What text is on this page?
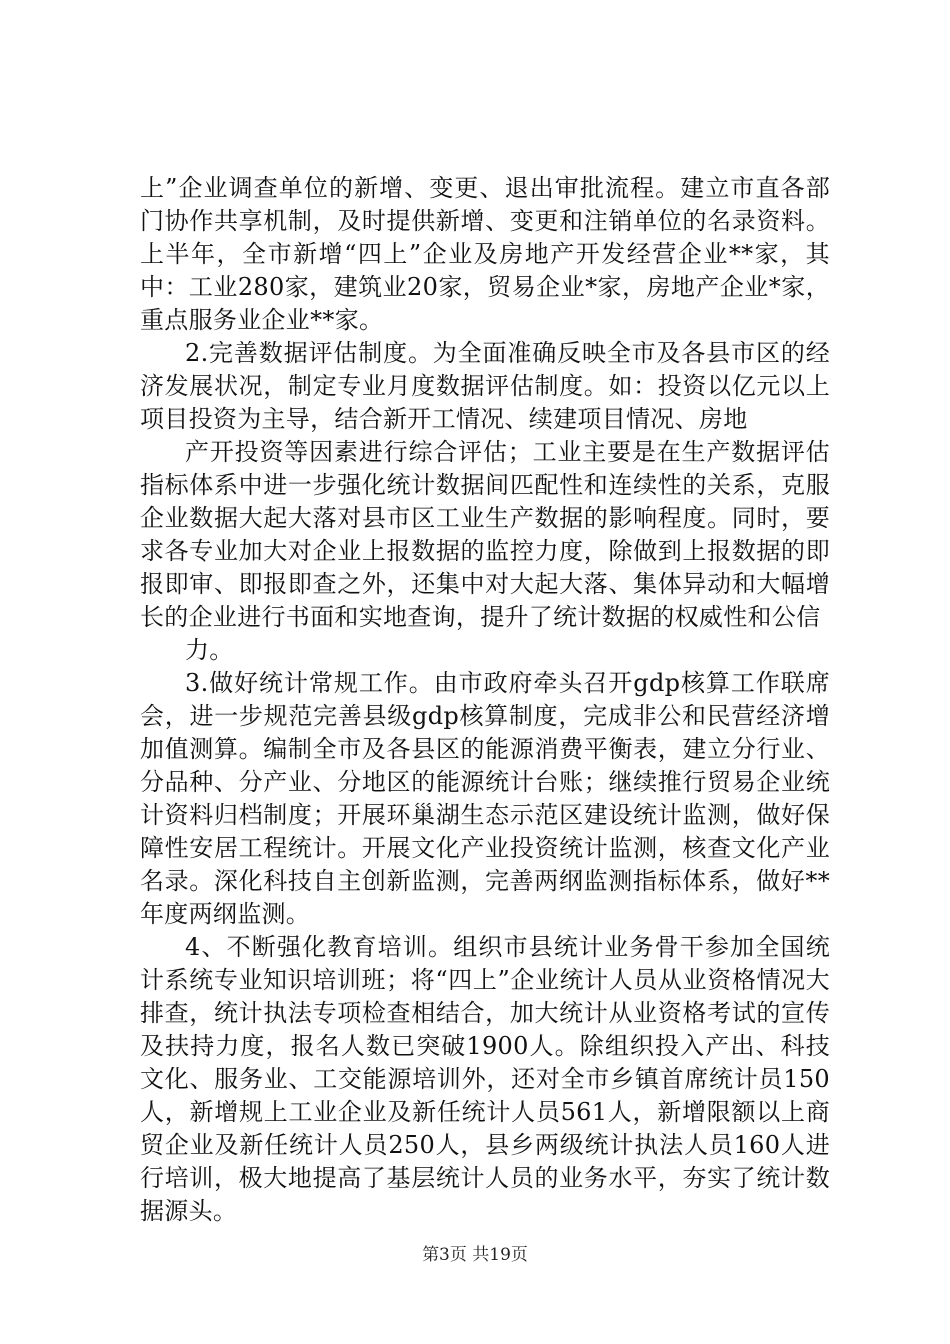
上”企业调查单位的新增、变更、退出审批流程。建立市直各部门协作共享机制，及时提供新增、变更和注销单位的名录资料。上半年，全市新增“四上”企业及房地产开发经营企业**家，其中：工业280家，建筑业20家，贸易企业*家，房地产企业*家，重点服务业企业**家。

2.完善数据评估制度。为全面准确反映全市及各县市区的经济发展状况，制定专业月度数据评估制度。如：投资以亿元以上项目投资为主导，结合新开工情况、续建项目情况、房地

产开投资等因素进行综合评估；工业主要是在生产数据评估指标体系中进一步强化统计数据间匹配性和连续性的关系，克服企业数据大起大落对县市区工业生产数据的影响程度。同时，要求各专业加大对企业上报数据的监控力度，除做到上报数据的即报即审、即报即查之外，还集中对大起大落、集体异动和大幅增长的企业进行书面和实地查询，提升了统计数据的权威性和公信

力。

3.做好统计常规工作。由市政府牵头召开gdp核算工作联席会，进一步规范完善县级gdp核算制度，完成非公和民营经济增加值测算。编制全市及各县区的能源消费平衡表，建立分行业、分品种、分产业、分地区的能源统计台账；继续推行贸易企业统计资料归档制度；开展环巢湖生态示范区建设统计监测，做好保障性安居工程统计。开展文化产业投资统计监测，核查文化产业名录。深化科技自主创新监测，完善两纲监测指标体系，做好**年度两纲监测。

4、不断强化教育培训。组织市县统计业务骨干参加全国统计系统专业知识培训班；将“四上”企业统计人员从业资格情况大排查，统计执法专项检查相结合，加大统计从业资格考试的宣传及扶持力度，报名人数已突破1900人。除组织投入产出、科技文化、服务业、工交能源培训外，还对全市乡镇首席统计员150人，新增规上工业企业及新任统计人员561人，新增限额以上商贸企业及新任统计人员250人，县乡两级统计执法人员160人进行培训，极大地提高了基层统计人员的业务水平，夯实了统计数据源头。

第3页 共19页
